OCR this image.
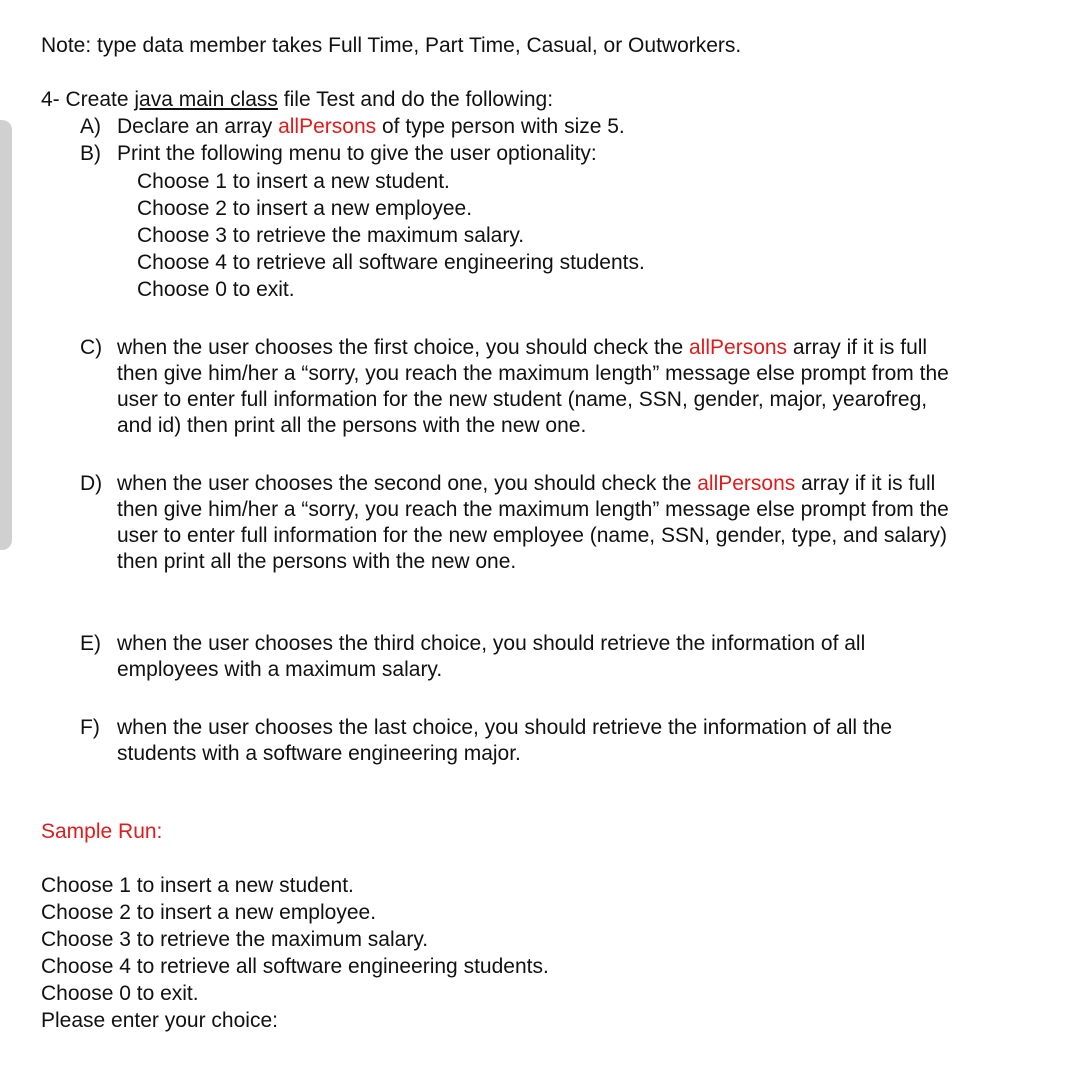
Note: type data member takes Full Time, Part Time, Casual, or Outworkers.
4- Create java main class file Test and do the following:
A) Declare an array allPersons of type person with size 5.
B) Print the following menu to give the user optionality:
Choose 1 to insert a new student.
Choose 2 to insert a new employee.
Choose 3 to retrieve the maximum salary.
Choose 4 to retrieve all software engineering students.
Choose 0 to exit.
C) when the user chooses the first choice, you should check the allPersons array if it is full
then give him/her a “sorry, you reach the maximum length” message else prompt from the
user to enter full information for the new student (name, SSN, gender, major, yearofreg,
and id) then print all the persons with the new one.
D) when the user chooses the second one, you should check the allPersons array if it is full
then give him/her a “sorry, you reach the maximum length” message else prompt from the
user to enter full information for the new employee (name, SSN, gender, type, and salary)
then print all the persons with the new one.
E) when the user chooses the third choice, you should retrieve the information of all
employees with a maximum salary.
F) when the user chooses the last choice, you should retrieve the information of all the
students with a software engineering major.
Sample Run:
Choose 1 to insert a new student.
Choose 2 to insert a new employee.
Choose 3 to retrieve the maximum salary.
Choose 4 to retrieve all software engineering students.
Choose 0 to exit.
Please enter your choice:
